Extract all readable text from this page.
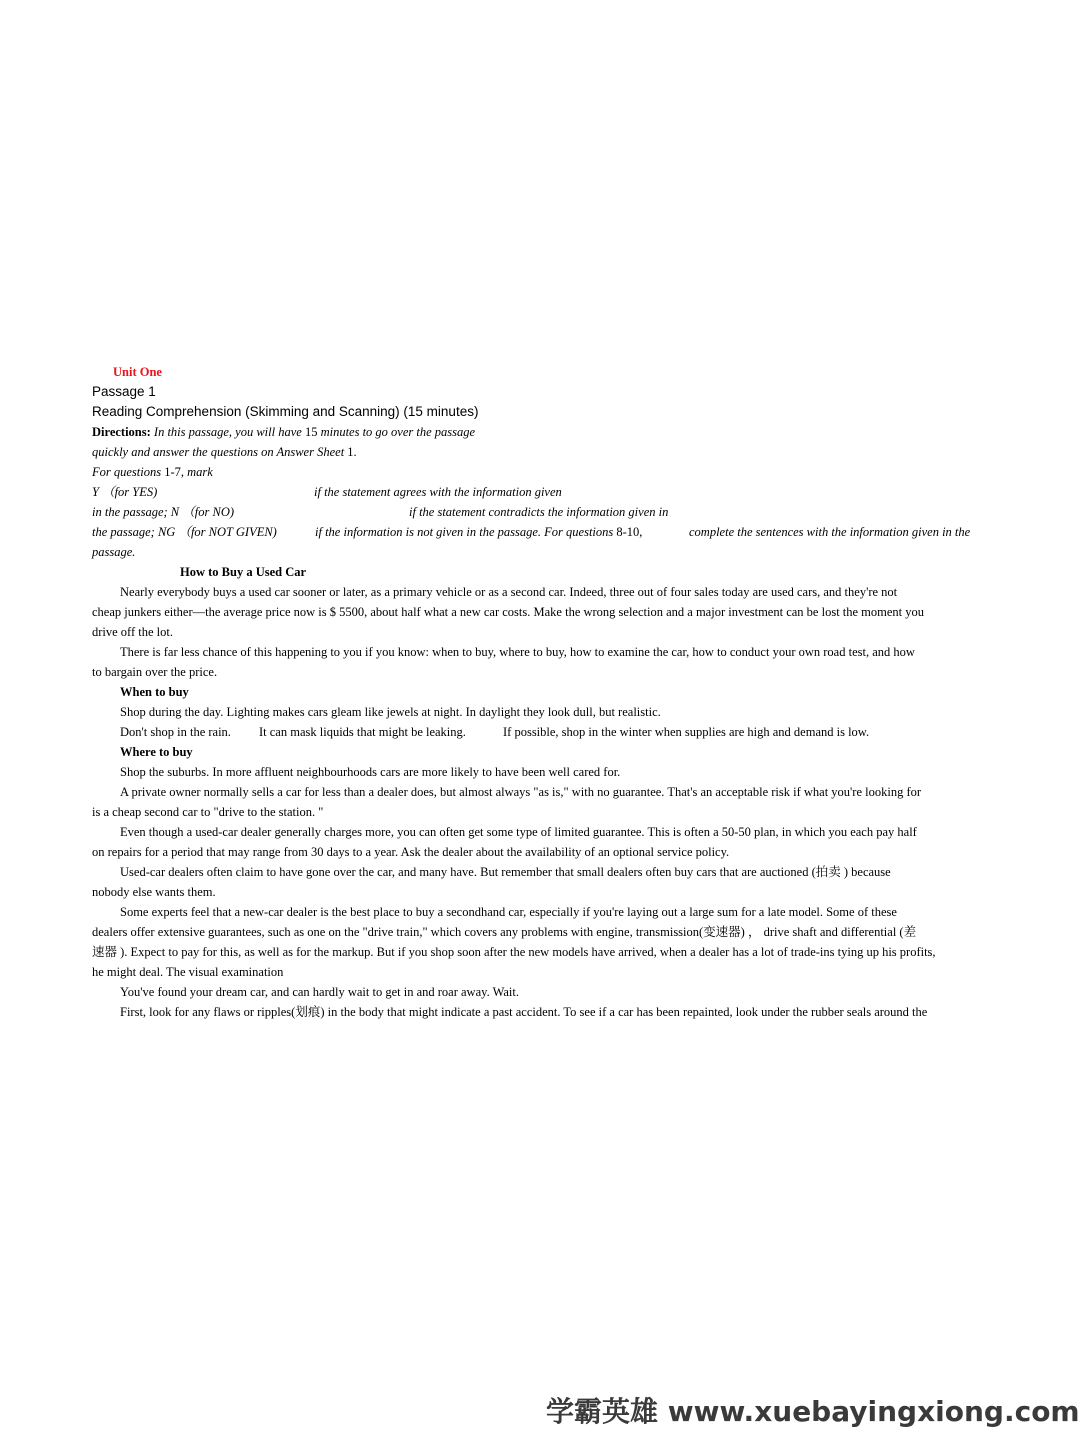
Unit One
Passage 1
Reading Comprehension (Skimming and Scanning) (15 minutes)
Directions: In this passage, you will have 15 minutes to go over the passage
quickly and answer the questions on Answer Sheet 1.
For questions 1-7, mark
Y （for YES)	if the statement agrees with the information given
in the passage; N （for NO)	if the statement contradicts the information given in
the passage; NG （for NOT GIVEN)	if the information is not given in the passage. For questions 8-10,	complete the sentences with the information given in the
passage.
How to Buy a Used Car
Nearly everybody buys a used car sooner or later, as a primary vehicle or as a second car. Indeed, three out of four sales today are used cars, and they're not
cheap junkers either—the average price now is $ 5500, about half what a new car costs. Make the wrong selection and a major investment can be lost the moment you
drive off the lot.
There is far less chance of this happening to you if you know: when to buy, where to buy, how to examine the car, how to conduct your own road test, and how
to bargain over the price.
When to buy
Shop during the day. Lighting makes cars gleam like jewels at night. In daylight they look dull, but realistic.
Don't shop in the rain. It can mask liquids that might be leaking.	If possible, shop in the winter when supplies are high and demand is low.
Where to buy
Shop the suburbs. In more affluent neighbourhoods cars are more likely to have been well cared for.
A private owner normally sells a car for less than a dealer does, but almost always "as is," with no guarantee. That's an acceptable risk if what you're looking for
is a cheap second car to "drive to the station. "
Even though a used-car dealer generally charges more, you can often get some type of limited guarantee. This is often a 50-50 plan, in which you each pay half
on repairs for a period that may range from 30 days to a year. Ask the dealer about the availability of an optional service policy.
Used-car dealers often claim to have gone over the car, and many have. But remember that small dealers often buy cars that are auctioned (拍卖 ) because
nobody else wants them.
Some experts feel that a new-car dealer is the best place to buy a secondhand car, especially if you're laying out a large sum for a late model. Some of these
dealers offer extensive guarantees, such as one on the "drive train," which covers any problems with engine, transmission(变速器) ， drive shaft and differential (差
速器 ). Expect to pay for this, as well as for the markup. But if you shop soon after the new models have arrived, when a dealer has a lot of trade-ins tying up his profits,
he might deal. The visual examination
You've found your dream car, and can hardly wait to get in and roar away. Wait.
First, look for any flaws or ripples(划痕) in the body that might indicate a past accident. To see if a car has been repainted, look under the rubber seals around the
学霸英雄 www.xuebayingxiong.com
